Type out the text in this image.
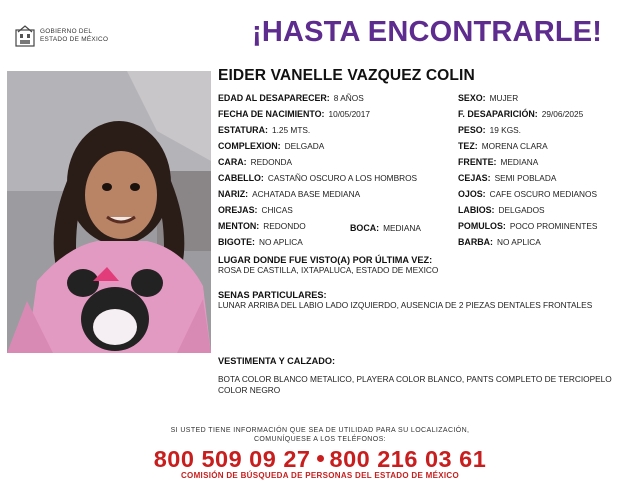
GOBIERNO DEL
ESTADO DE MÉXICO	¡HASTA ENCONTRARLE!
EIDER VANELLE VAZQUEZ COLIN
EDAD AL DESAPARECER: 8 AÑOS
FECHA DE NACIMIENTO: 10/05/2017
ESTATURA: 1.25 MTS.
COMPLEXION: DELGADA
CARA: REDONDA
CABELLO: CASTAÑO OSCURO A LOS HOMBROS
NARIZ: ACHATADA BASE MEDIANA
OREJAS: CHICAS
MENTON: REDONDO	BOCA: MEDIANA
BIGOTE: NO APLICA
SEXO: MUJER
F. DESAPARICIÓN: 29/06/2025
PESO: 19 KGS.
TEZ: MORENA CLARA
FRENTE: MEDIANA
CEJAS: SEMI POBLADA
OJOS: CAFE OSCURO MEDIANOS
LABIOS: DELGADOS
POMULOS: POCO PROMINENTES
BARBA: NO APLICA
LUGAR DONDE FUE VISTO(A) POR ÚLTIMA VEZ:
ROSA DE CASTILLA, IXTAPALUCA, ESTADO DE MEXICO
SENAS PARTICULARES:
LUNAR ARRIBA DEL LABIO LADO IZQUIERDO, AUSENCIA DE 2 PIEZAS DENTALES FRONTALES
VESTIMENTA Y CALZADO:
BOTA COLOR BLANCO METALICO, PLAYERA COLOR BLANCO, PANTS COMPLETO DE TERCIOPELO COLOR NEGRO
SI USTED TIENE INFORMACIÓN QUE SEA DE UTILIDAD PARA SU LOCALIZACIÓN,
COMUNÍQUESE A LOS TELÉFONOS:
800 509 09 27 800 216 03 61
COMISIÓN DE BÚSQUEDA DE PERSONAS DEL ESTADO DE MÉXICO
